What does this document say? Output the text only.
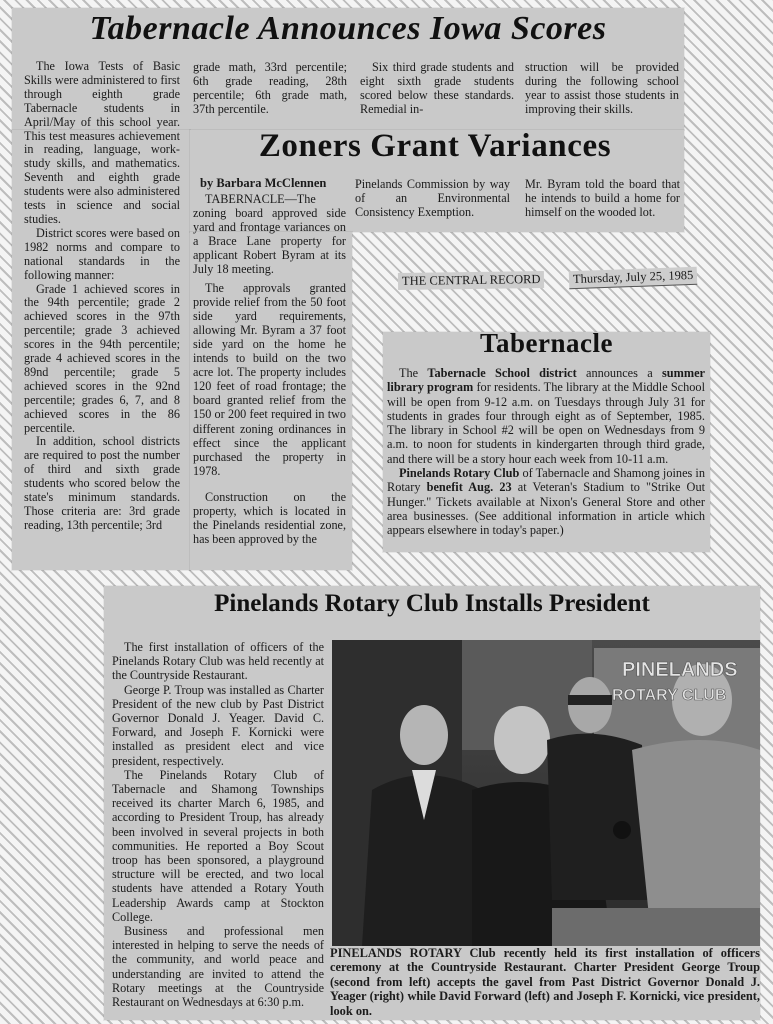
Tabernacle Announces Iowa Scores

The Iowa Tests of Basic Skills were administered to first through eighth grade Tabernacle students in April/May of this school year. This test measures achievement in reading, language, work-study skills, and mathematics. Seventh and eighth grade students were also administered tests in science and social studies.

District scores were based on 1982 norms and compare to national standards in the following manner:

Grade 1 achieved scores in the 94th percentile; grade 2 achieved scores in the 97th percentile; grade 3 achieved scores in the 94th percentile; grade 4 achieved scores in the 89nd percentile; grade 5 achieved scores in the 92nd percentile; grades 6, 7, and 8 achieved scores in the 86 percentile.

In addition, school districts are required to post the number of third and sixth grade students who scored below the state's minimum standards. Those criteria are: 3rd grade reading, 13th percentile; 3rd

grade math, 33rd percentile; 6th grade reading, 28th percentile; 6th grade math, 37th percentile.

Six third grade students and eight sixth grade students scored below these standards. Remedial in-

struction will be provided during the following school year to assist those students in improving their skills.

Zoners Grant Variances
by Barbara McClennen

TABERNACLE—The zoning board approved side yard and frontage variances on a Brace Lane property for applicant Robert Byram at its July 18 meeting.

The approvals granted provide relief from the 50 foot side yard requirements, allowing Mr. Byram a 37 foot side yard on the home he intends to build on the two acre lot. The property includes 120 feet of road frontage; the board granted relief from the 150 or 200 feet required in two different zoning ordinances in effect since the applicant purchased the property in 1978.

Construction on the property, which is located in the Pinelands residential zone, has been approved by the

Pinelands Commission by way of an Environmental Consistency Exemption.

Mr. Byram told the board that he intends to build a home for himself on the wooded lot.

THE CENTRAL RECORD	Thursday, July 25, 1985
Tabernacle

The Tabernacle School district announces a summer library program for residents. The library at the Middle School will be open from 9-12 a.m. on Tuesdays through July 31 for students in grades four through eight as of September, 1985. The library in School #2 will be open on Wednesdays from 9 a.m. to noon for students in kindergarten through third grade, and there will be a story hour each week from 10-11 a.m.

Pinelands Rotary Club of Tabernacle and Shamong joines in Rotary benefit Aug. 23 at Veteran's Stadium to "Strike Out Hunger." Tickets available at Nixon's General Store and other area businesses. (See additional information in article which appears elsewhere in today's paper.)

Pinelands Rotary Club Installs President

The first installation of officers of the Pinelands Rotary Club was held recently at the Countryside Restaurant.

George P. Troup was installed as Charter President of the new club by Past District Governor Donald J. Yeager. David C. Forward, and Joseph F. Kornicki were installed as president elect and vice president, respectively.

The Pinelands Rotary Club of Tabernacle and Shamong Townships received its charter March 6, 1985, and according to President Troup, has already been involved in several projects in both communities. He reported a Boy Scout troop has been sponsored, a playground structure will be erected, and two local students have attended a Rotary Youth Leadership Awards camp at Stockton College.

Business and professional men interested in helping to serve the needs of the community, and world peace and understanding are invited to attend the Rotary meetings at the Countryside Restaurant on Wednesdays at 6:30 p.m.

PINELANDS
ROTARY CLUB
PINELANDS ROTARY Club recently held its first installation of officers ceremony at the Countryside Restaurant. Charter President George Troup (second from left) accepts the gavel from Past District Governor Donald J. Yeager (right) while David Forward (left) and Joseph F. Kornicki, vice president, look on.
